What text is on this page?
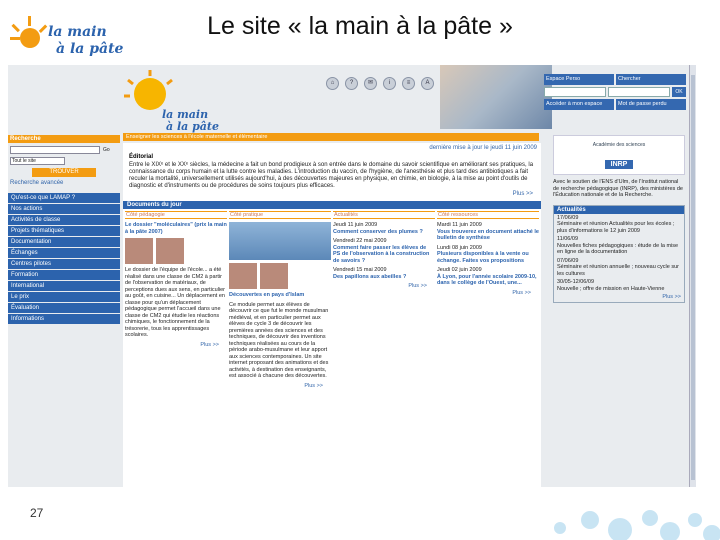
la main
à la pâte
Le site « la main à la pâte »
la main
à la pâte
⌂	?	✉	i	≡	A
Espace Perso	Chercher
OK
Accéder à mon espace	Mot de passe perdu
Enseigner les sciences à l'école maternelle et élémentaire
Recherche
Go
Tout le site
TROUVER
Recherche avancée
Qu'est-ce que LAMAP ?
Nos actions
Activités de classe
Projets thématiques
Documentation
Échanges
Centres pilotes
Formation
International
Le prix
Évaluation
Informations
dernière mise à jour le jeudi 11 juin 2009
Éditorial
Entre le XIXᵉ et le XXᵉ siècles, la médecine a fait un bond prodigieux à son entrée dans le domaine du savoir scientifique en améliorant ses pratiques, la connaissance du corps humain et la lutte contre les maladies. L'introduction du vaccin, de l'hygiène, de l'anesthésie et plus tard des antibiotiques a fait reculer la mortalité, universellement utilisés aujourd'hui, à des découvertes majeures en physique, en chimie, en biologie, à la mise au point d'outils de diagnostic et d'instruments ou de procédures de soins toujours plus efficaces.
Plus >>
Documents du jour
Côté pédagogie

Le dossier "moléculaires" (prix la main à la pâte 2007)

Le dossier de l'équipe de l'école... a été réalisé dans une classe de CM2 à partir de l'observation de matériaux, de perceptions dues aux sens, en particulier au goût, en cuisine... Un déplacement en classe pour qu'un déplacement pédagogique permet l'accueil dans une classe de CM2 qui étudie les réactions chimiques, le fonctionnement de la trésorerie, tous les apprentissages scolaires.

Plus >>

Côté pratique

Découvertes en pays d'Islam

Ce module permet aux élèves de découvrir ce que fut le monde musulman médiéval, et en particulier permet aux élèves de cycle 3 de découvrir les premières années des sciences et des techniques, de découvrir des inventions techniques réalisées au cours de la période arabo-musulmane et leur apport aux sciences contemporaines. Un site internet proposant des animations et des activités, à destination des enseignants, est associé à chacune des découvertes.

Plus >>

Actualités

Jeudi 11 juin 2009
Comment conserver des plumes ?

Vendredi 22 mai 2009
Comment faire passer les élèves de PS de l'observation à la construction de savoirs ?

Vendredi 15 mai 2009
Des papillons aux abeilles ?

Plus >>

Côté ressources

Mardi 11 juin 2009
Vous trouverez en document attaché le bulletin de synthèse

Lundi 08 juin 2009
Plusieurs disponibles à la vente ou échange. Faites vos propositions

Jeudi 02 juin 2009
À Lyon, pour l'année scolaire 2009-10, dans le collège de l'Ouest, une...

Plus >>

Académie des sciences
INRP

Avec le soutien de l'ENS d'Ulm, de l'Institut national de recherche pédagogique (INRP), des ministères de l'Éducation nationale et de la Recherche.

Actualités

17/06/09
Séminaire et réunion Actualités pour les écoles ; plus d'informations le 12 juin 2009

11/06/09
Nouvelles fiches pédagogiques : étude de la mise en ligne de la documentation

07/06/09
Séminaire et réunion annuelle ; nouveau cycle sur les cultures

30/05-12/06/09
Nouvelle ; offre de mission en Haute-Vienne

Plus >>

27
